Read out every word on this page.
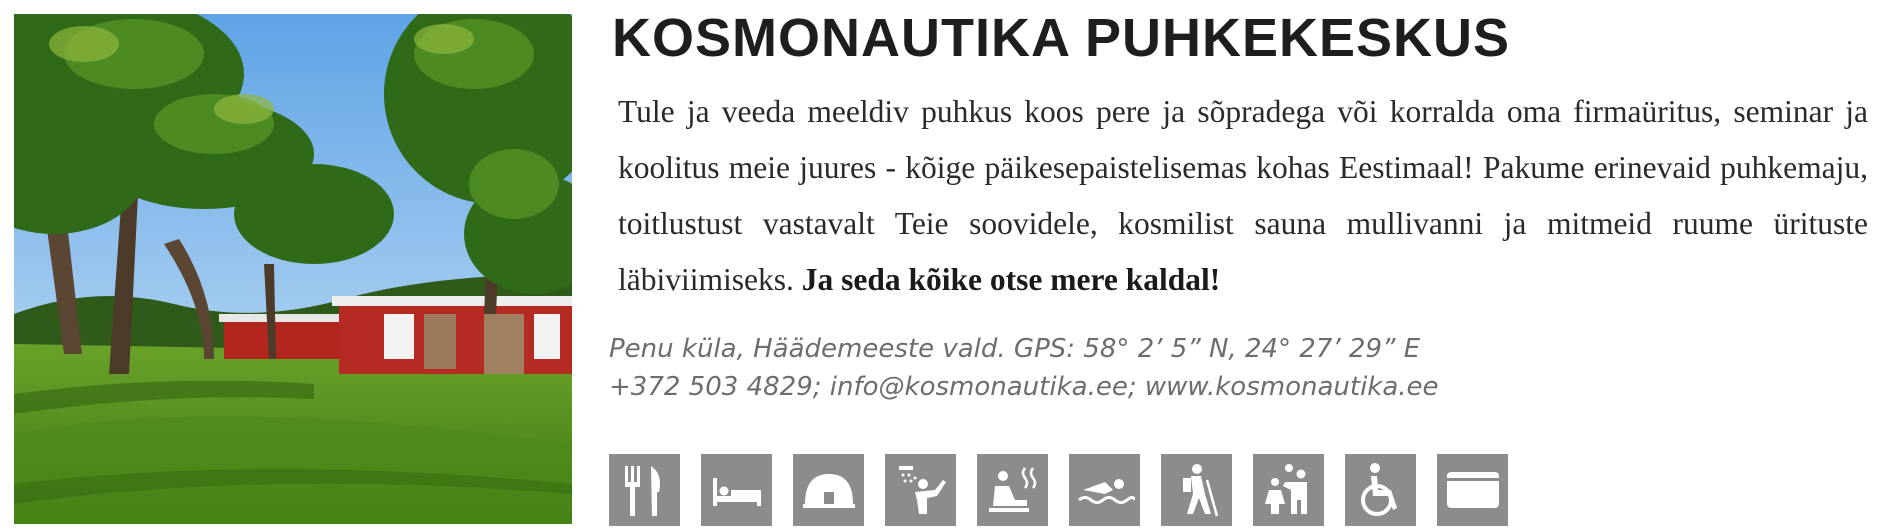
KOSMONAUTIKA PUHKEKESKUS
Tule ja veeda meeldiv puhkus koos pere ja sõpradega või korralda oma firmaüritus, seminar ja koolitus meie juures - kõige päikesepaistelisemas kohas Eestimaal! Pakume erinevaid puhkemaju, toitlustust vastavalt Teie soovidele, kosmilist sauna mullivanni ja mitmeid ruume ürituste läbiviimiseks. Ja seda kõike otse mere kaldal!
Penu küla, Häädemeeste vald. GPS: 58° 2’ 5” N, 24° 27’ 29” E
+372 503 4829; info@kosmonautika.ee; www.kosmonautika.ee
